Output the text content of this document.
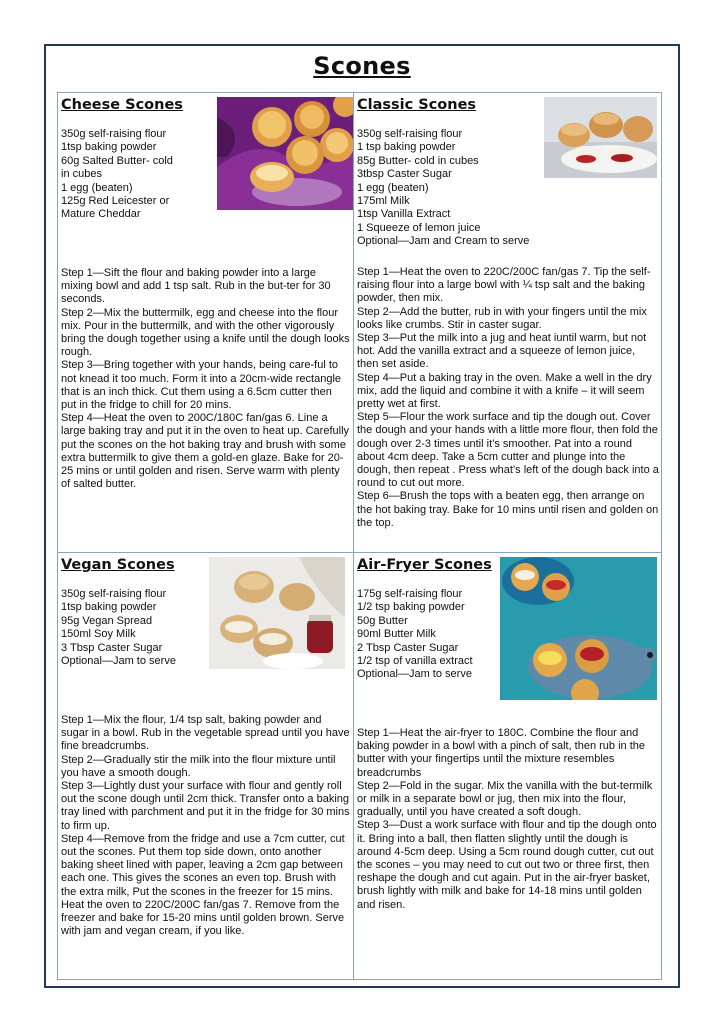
Scones
Cheese Scones
350g self-raising flour
1tsp baking powder
60g Salted Butter- cold
in cubes
1 egg (beaten)
125g Red Leicester or
Mature Cheddar

Step 1—Sift the flour and baking powder into a large mixing bowl and add 1 tsp salt. Rub in the but-ter for 30 seconds.

Step 2—Mix the buttermilk, egg and cheese into the flour mix. Pour in the buttermilk, and with the other vigorously bring the dough together using a knife until the dough looks rough.

Step 3—Bring together with your hands, being care-ful to not knead it too much. Form it into a 20cm-wide rectangle that is an inch thick. Cut them using a 6.5cm cutter then put in the fridge to chill for 20 mins.

Step 4—Heat the oven to 200C/180C fan/gas 6. Line a large baking tray and put it in the oven to heat up. Carefully put the scones on the hot baking tray and brush with some extra buttermilk to give them a gold-en glaze. Bake for 20-25 mins or until golden and risen. Serve warm with plenty of salted butter.

Classic Scones
350g self-raising flour
1 tsp baking powder
85g Butter- cold in cubes
3tbsp Caster Sugar
1 egg (beaten)
175ml Milk
1tsp Vanilla Extract
1 Squeeze of lemon juice
Optional—Jam and Cream to serve

Step 1—Heat the oven to 220C/200C fan/gas 7. Tip the self-raising flour into a large bowl with ¼ tsp salt and the baking powder, then mix.

Step 2—Add the butter, rub in with your fingers until the mix looks like crumbs. Stir in caster sugar.

Step 3—Put the milk into a jug and heat iuntil warm, but not hot. Add the vanilla extract and a squeeze of lemon juice, then set aside.

Step 4—Put a baking tray in the oven. Make a well in the dry mix, add the liquid and combine it with a knife – it will seem pretty wet at first.

Step 5—Flour the work surface and tip the dough out. Cover the dough and your hands with a little more flour, then fold the dough over 2-3 times until it’s smoother. Pat into a round about 4cm deep. Take a 5cm cutter and plunge into the dough, then repeat . Press what’s left of the dough back into a round to cut out more.

Step 6—Brush the tops with a beaten egg, then arrange on the hot baking tray. Bake for 10 mins until risen and golden on the top.

Vegan Scones
350g self-raising flour
1tsp baking powder
95g Vegan Spread
150ml Soy Milk
3 Tbsp Caster Sugar
Optional—Jam to serve

Step 1—Mix the flour, 1/4 tsp salt, baking powder and sugar in a bowl. Rub in the vegetable spread until you have fine breadcrumbs.

Step 2—Gradually stir the milk into the flour mixture until you have a smooth dough.

Step 3—Lightly dust your surface with flour and gently roll out the scone dough until 2cm thick. Transfer onto a baking tray lined with parchment and put it in the fridge for 30 mins to firm up.

Step 4—Remove from the fridge and use a 7cm cutter, cut out the scones. Put them top side down, onto another baking sheet lined with paper, leaving a 2cm gap between each one. This gives the scones an even top. Brush with the extra milk, Put the scones in the freezer for 15 mins. Heat the oven to 220C/200C fan/gas 7. Remove from the freezer and bake for 15-20 mins until golden brown. Serve with jam and vegan cream, if you like.

Air-Fryer Scones
175g self-raising flour
1/2 tsp baking powder
50g Butter
90ml Butter Milk
2 Tbsp Caster Sugar
1/2 tsp of vanilla extract
Optional—Jam to serve

Step 1—Heat the air-fryer to 180C. Combine the flour and baking powder in a bowl with a pinch of salt, then rub in the butter with your fingertips until the mixture resembles breadcrumbs

Step 2—Fold in the sugar. Mix the vanilla with the but-termilk or milk in a separate bowl or jug, then mix into the flour, gradually, until you have created a soft dough.

Step 3—Dust a work surface with flour and tip the dough onto it. Bring into a ball, then flatten slightly until the dough is around 4-5cm deep. Using a 5cm round dough cutter, cut out the scones – you may need to cut out two or three first, then reshape the dough and cut again. Put in the air-fryer basket, brush lightly with milk and bake for 14-18 mins until golden and risen.
